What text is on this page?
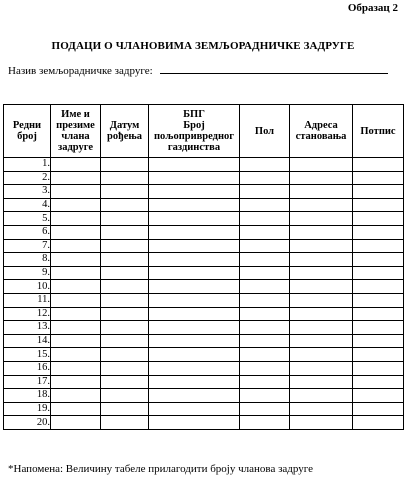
Образац 2
ПОДАЦИ О ЧЛАНОВИМА ЗЕМЉОРАДНИЧКЕ ЗАДРУГЕ
Назив земљорадничке задруге:
Редни
број	Име и
презиме
члана
задруге	Датум
рођења	БПГ
Број
пољопривредног
газдинства	Пол	Адреса
становања	Потпис
1.						
2.						
3.						
4.						
5.						
6.						
7.						
8.						
9.						
10.						
11.						
12.						
13.						
14.						
15.						
16.						
17.						
18.						
19.						
20.						
*Напомена: Величину табеле прилагодити броју чланова задруге
